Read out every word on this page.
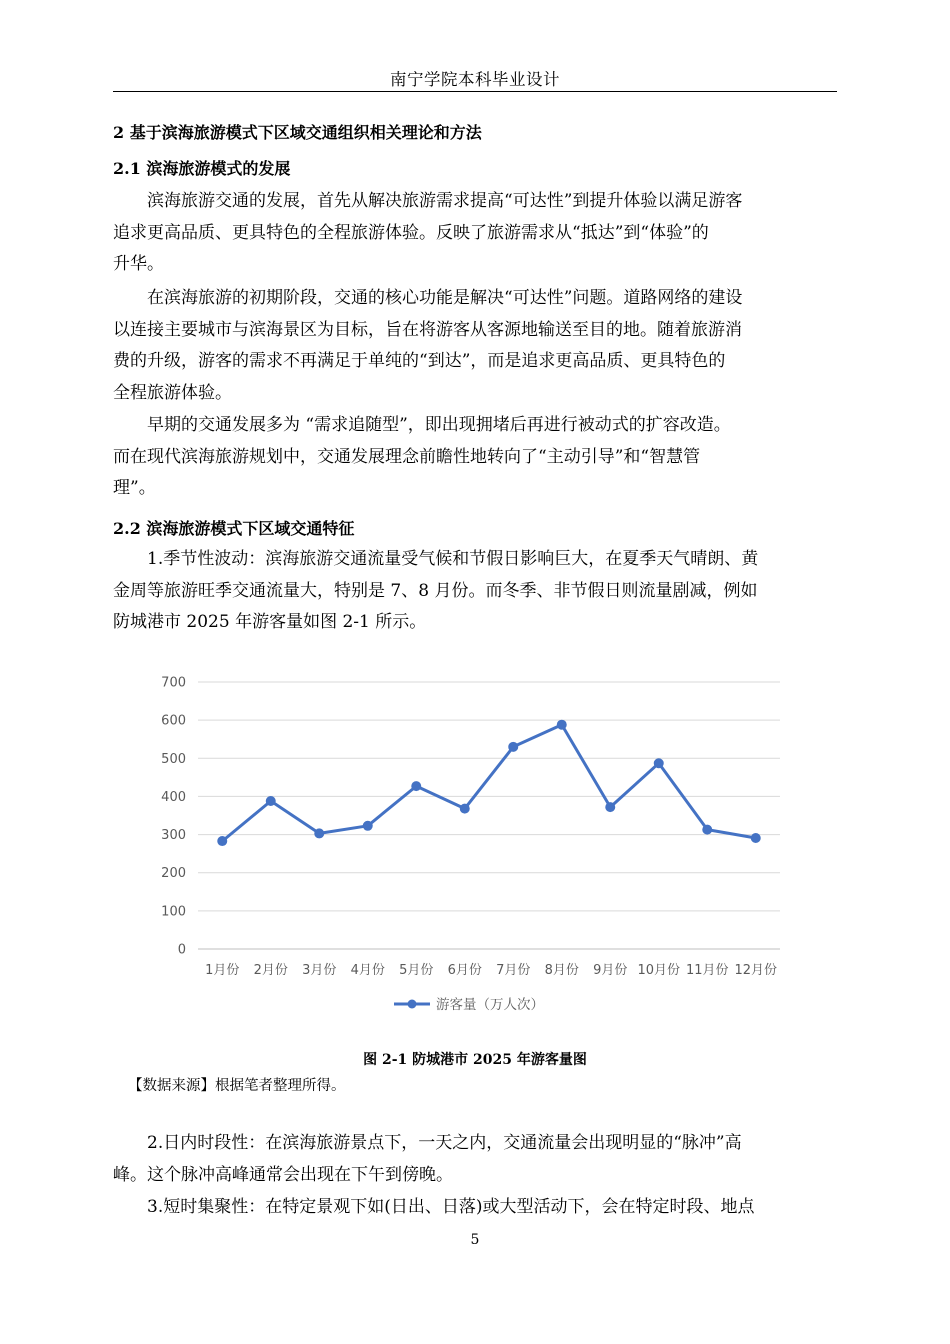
南宁学院本科毕业设计
2 基于滨海旅游模式下区域交通组织相关理论和方法
2.1 滨海旅游模式的发展
滨海旅游交通的发展，首先从解决旅游需求提高“可达性”到提升体验以满足游客
追求更高品质、更具特色的全程旅游体验。反映了旅游需求从“抵达”到“体验”的
升华。
在滨海旅游的初期阶段，交通的核心功能是解决“可达性”问题。道路网络的建设
以连接主要城市与滨海景区为目标，旨在将游客从客源地输送至目的地。随着旅游消
费的升级，游客的需求不再满足于单纯的“到达”，而是追求更高品质、更具特色的
全程旅游体验。
早期的交通发展多为 “需求追随型”，即出现拥堵后再进行被动式的扩容改造。
而在现代滨海旅游规划中，交通发展理念前瞻性地转向了“主动引导”和“智慧管
理”。
2.2 滨海旅游模式下区域交通特征
1.季节性波动：滨海旅游交通流量受气候和节假日影响巨大，在夏季天气晴朗、黄
金周等旅游旺季交通流量大，特别是 7、8 月份。而冬季、非节假日则流量剧减，例如
防城港市 2025 年游客量如图 2-1 所示。
0
100
200
300
400
500
600
700
1月份 2月份 3月份 4月份 5月份 6月份 7月份 8月份 9月份 10月份 11月份 12月份
游客量（万人次）
图 2-1 防城港市 2025 年游客量图
【数据来源】根据笔者整理所得。
2.日内时段性：在滨海旅游景点下，一天之内，交通流量会出现明显的“脉冲”高
峰。这个脉冲高峰通常会出现在下午到傍晚。
3.短时集聚性：在特定景观下如(日出、日落)或大型活动下，会在特定时段、地点
5
